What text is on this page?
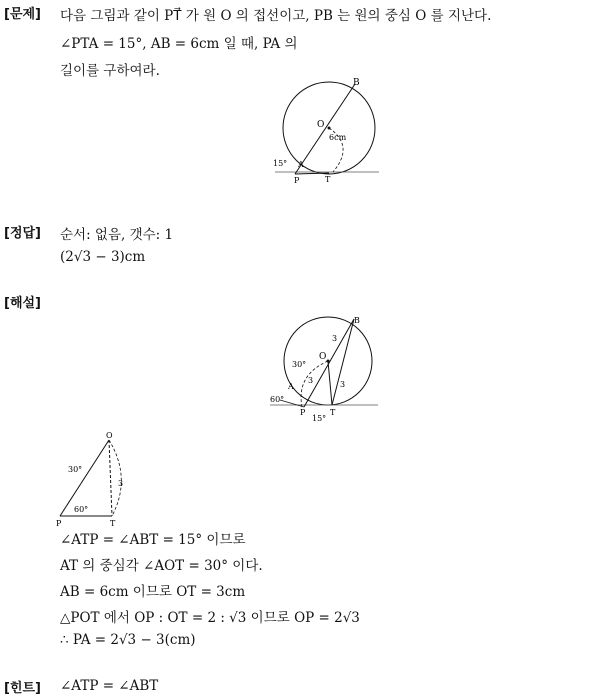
[문제] 다음 그림과 같이 PT⃗ 가 원 O 의 접선이고, PB 는 원의 중심 O 를 지난다.
∠PTA = 15°, AB = 6cm 일 때, PA 의
길이를 구하여라.
B
O
6cm
15° A
P	T
[정답] 순서: 없음, 갯수: 1
(2√3 − 3)cm
[해설]
B
O
A
P	T
3
3	3
30°
60°
15°
O
P	T
30°
60°
3
∠ATP = ∠ABT = 15° 이므로
AT 의 중심각 ∠AOT = 30° 이다.
AB = 6cm 이므로 OT = 3cm
△POT 에서 OP : OT = 2 : √3 이므로 OP = 2√3
∴ PA = 2√3 − 3(cm)
[힌트] ∠ATP = ∠ABT
